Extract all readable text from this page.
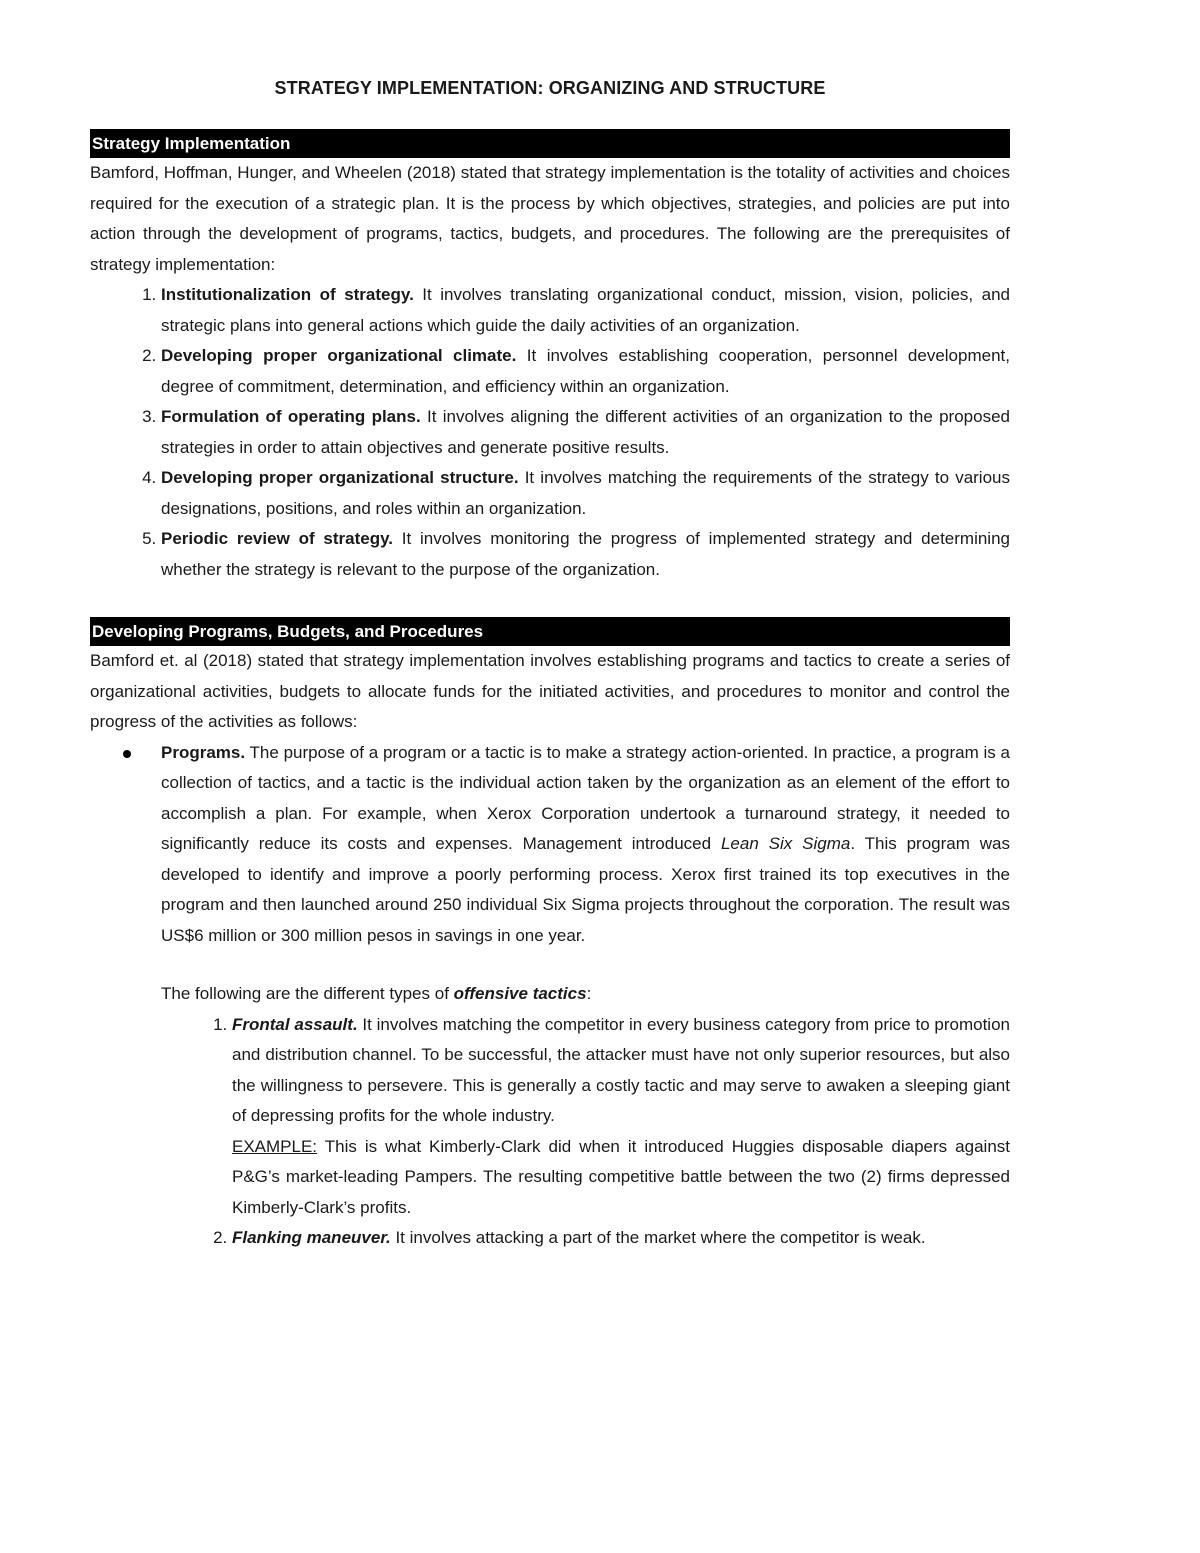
STRATEGY IMPLEMENTATION: ORGANIZING AND STRUCTURE
Strategy Implementation

Bamford, Hoffman, Hunger, and Wheelen (2018) stated that strategy implementation is the totality of activities and choices required for the execution of a strategic plan. It is the process by which objectives, strategies, and policies are put into action through the development of programs, tactics, budgets, and procedures. The following are the prerequisites of strategy implementation:

1. Institutionalization of strategy. It involves translating organizational conduct, mission, vision, policies, and strategic plans into general actions which guide the daily activities of an organization.
2. Developing proper organizational climate. It involves establishing cooperation, personnel development, degree of commitment, determination, and efficiency within an organization.
3. Formulation of operating plans. It involves aligning the different activities of an organization to the proposed strategies in order to attain objectives and generate positive results.
4. Developing proper organizational structure. It involves matching the requirements of the strategy to various designations, positions, and roles within an organization.
5. Periodic review of strategy. It involves monitoring the progress of implemented strategy and determining whether the strategy is relevant to the purpose of the organization.
Developing Programs, Budgets, and Procedures

Bamford et. al (2018) stated that strategy implementation involves establishing programs and tactics to create a series of organizational activities, budgets to allocate funds for the initiated activities, and procedures to monitor and control the progress of the activities as follows:

Programs. The purpose of a program or a tactic is to make a strategy action-oriented. In practice, a program is a collection of tactics, and a tactic is the individual action taken by the organization as an element of the effort to accomplish a plan. For example, when Xerox Corporation undertook a turnaround strategy, it needed to significantly reduce its costs and expenses. Management introduced Lean Six Sigma. This program was developed to identify and improve a poorly performing process. Xerox first trained its top executives in the program and then launched around 250 individual Six Sigma projects throughout the corporation. The result was US$6 million or 300 million pesos in savings in one year.
The following are the different types of offensive tactics:
1. Frontal assault. It involves matching the competitor in every business category from price to promotion and distribution channel. To be successful, the attacker must have not only superior resources, but also the willingness to persevere. This is generally a costly tactic and may serve to awaken a sleeping giant of depressing profits for the whole industry.
EXAMPLE: This is what Kimberly-Clark did when it introduced Huggies disposable diapers against P&G’s market-leading Pampers. The resulting competitive battle between the two (2) firms depressed Kimberly-Clark’s profits.
2. Flanking maneuver. It involves attacking a part of the market where the competitor is weak.
